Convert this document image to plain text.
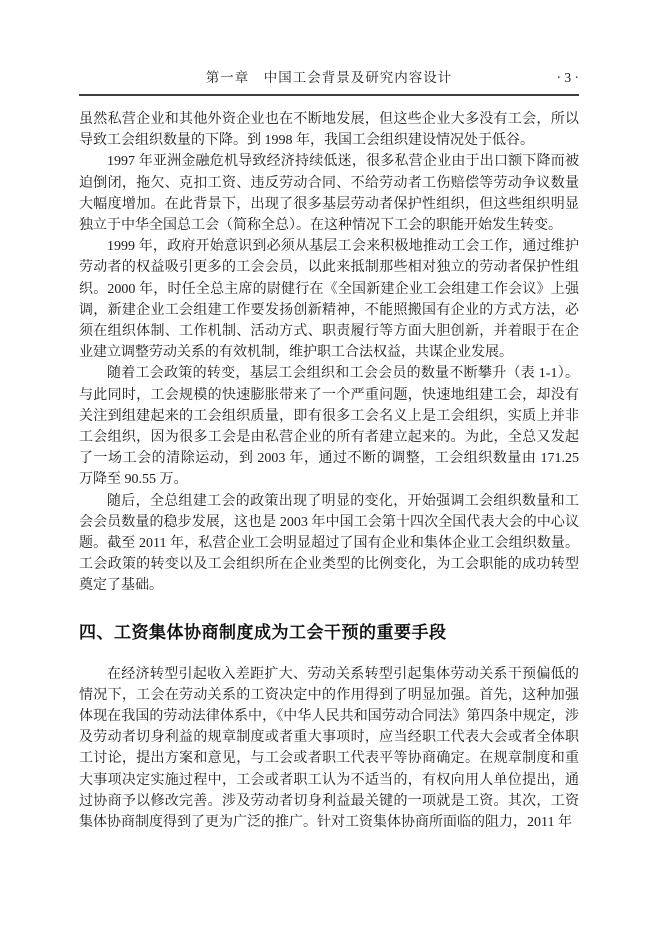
第一章　中国工会背景及研究内容设计	· 3 ·

虽然私营企业和其他外资企业也在不断地发展，但这些企业大多没有工会，所以导致工会组织数量的下降。到 1998 年，我国工会组织建设情况处于低谷。

1997 年亚洲金融危机导致经济持续低迷，很多私营企业由于出口额下降而被迫倒闭，拖欠、克扣工资、违反劳动合同、不给劳动者工伤赔偿等劳动争议数量大幅度增加。在此背景下，出现了很多基层劳动者保护性组织，但这些组织明显独立于中华全国总工会（简称全总）。在这种情况下工会的职能开始发生转变。

1999 年，政府开始意识到必须从基层工会来积极地推动工会工作，通过维护劳动者的权益吸引更多的工会会员，以此来抵制那些相对独立的劳动者保护性组织。2000 年，时任全总主席的尉健行在《全国新建企业工会组建工作会议》上强调，新建企业工会组建工作要发扬创新精神，不能照搬国有企业的方式方法，必须在组织体制、工作机制、活动方式、职责履行等方面大胆创新，并着眼于在企业建立调整劳动关系的有效机制，维护职工合法权益，共谋企业发展。

随着工会政策的转变，基层工会组织和工会会员的数量不断攀升（表 1-1）。与此同时，工会规模的快速膨胀带来了一个严重问题，快速地组建工会，却没有关注到组建起来的工会组织质量，即有很多工会名义上是工会组织，实质上并非工会组织，因为很多工会是由私营企业的所有者建立起来的。为此，全总又发起了一场工会的清除运动，到 2003 年，通过不断的调整，工会组织数量由 171.25 万降至 90.55 万。

随后，全总组建工会的政策出现了明显的变化，开始强调工会组织数量和工会会员数量的稳步发展，这也是 2003 年中国工会第十四次全国代表大会的中心议题。截至 2011 年，私营企业工会明显超过了国有企业和集体企业工会组织数量。工会政策的转变以及工会组织所在企业类型的比例变化，为工会职能的成功转型奠定了基础。

四、工资集体协商制度成为工会干预的重要手段

在经济转型引起收入差距扩大、劳动关系转型引起集体劳动关系干预偏低的情况下，工会在劳动关系的工资决定中的作用得到了明显加强。首先，这种加强体现在我国的劳动法律体系中，《中华人民共和国劳动合同法》第四条中规定，涉及劳动者切身利益的规章制度或者重大事项时，应当经职工代表大会或者全体职工讨论，提出方案和意见，与工会或者职工代表平等协商确定。在规章制度和重大事项决定实施过程中，工会或者职工认为不适当的，有权向用人单位提出，通过协商予以修改完善。涉及劳动者切身利益最关键的一项就是工资。其次，工资集体协商制度得到了更为广泛的推广。针对工资集体协商所面临的阻力，2011 年
